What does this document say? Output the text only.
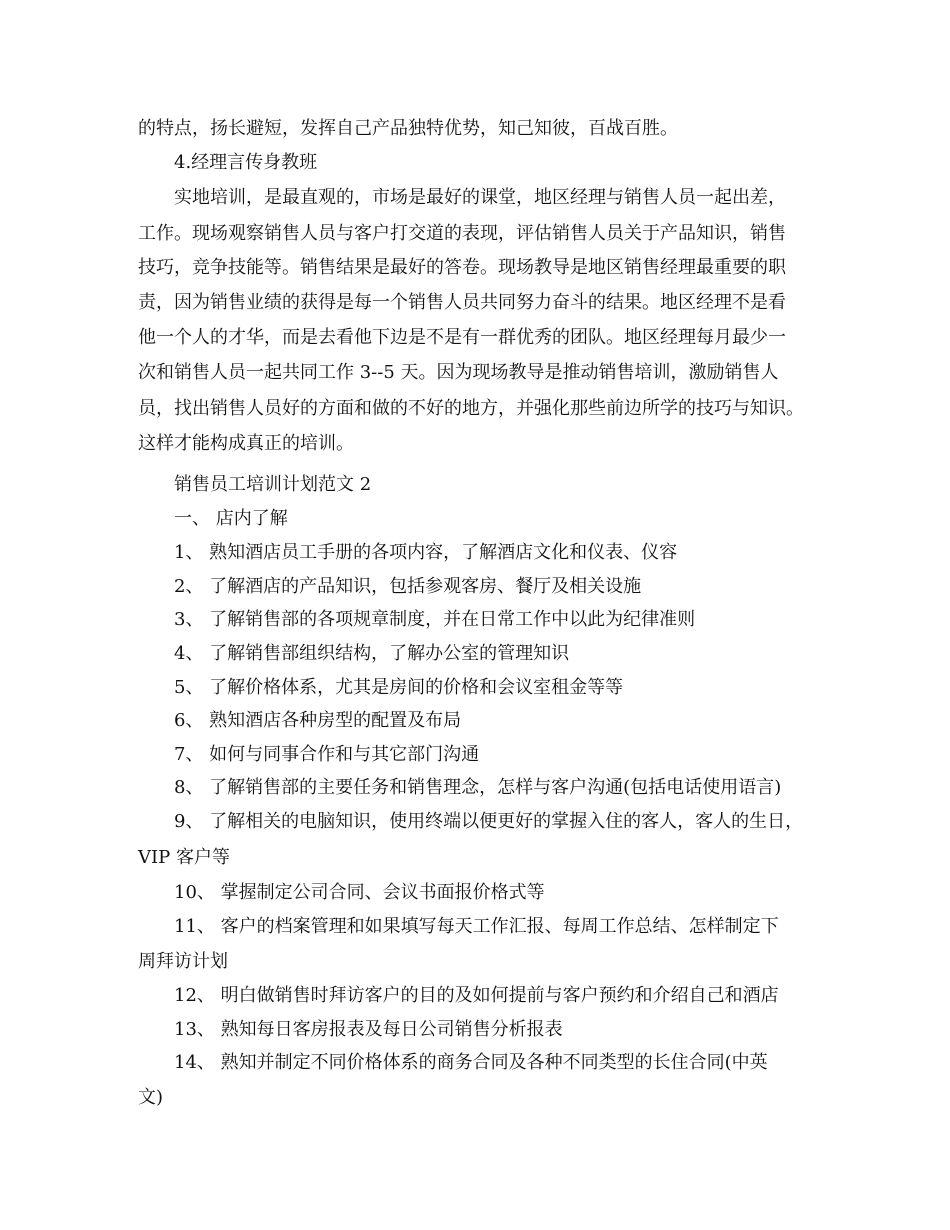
的特点，扬长避短，发挥自己产品独特优势，知己知彼，百战百胜。
4.经理言传身教班
实地培训，是最直观的，市场是最好的课堂，地区经理与销售人员一起出差，
工作。现场观察销售人员与客户打交道的表现，评估销售人员关于产品知识，销售
技巧，竞争技能等。销售结果是最好的答卷。现场教导是地区销售经理最重要的职
责，因为销售业绩的获得是每一个销售人员共同努力奋斗的结果。地区经理不是看
他一个人的才华，而是去看他下边是不是有一群优秀的团队。地区经理每月最少一
次和销售人员一起共同工作 3--5 天。因为现场教导是推动销售培训，激励销售人
员，找出销售人员好的方面和做的不好的地方，并强化那些前边所学的技巧与知识。
这样才能构成真正的培训。
销售员工培训计划范文 2
一、 店内了解
1、 熟知酒店员工手册的各项内容，了解酒店文化和仪表、仪容
2、 了解酒店的产品知识，包括参观客房、餐厅及相关设施
3、 了解销售部的各项规章制度，并在日常工作中以此为纪律准则
4、 了解销售部组织结构，了解办公室的管理知识
5、 了解价格体系，尤其是房间的价格和会议室租金等等
6、 熟知酒店各种房型的配置及布局
7、 如何与同事合作和与其它部门沟通
8、 了解销售部的主要任务和销售理念，怎样与客户沟通(包括电话使用语言)
9、 了解相关的电脑知识，使用终端以便更好的掌握入住的客人，客人的生日，
VIP 客户等
10、 掌握制定公司合同、会议书面报价格式等
11、 客户的档案管理和如果填写每天工作汇报、每周工作总结、怎样制定下
周拜访计划
12、 明白做销售时拜访客户的目的及如何提前与客户预约和介绍自己和酒店
13、 熟知每日客房报表及每日公司销售分析报表
14、 熟知并制定不同价格体系的商务合同及各种不同类型的长住合同(中英
文)
